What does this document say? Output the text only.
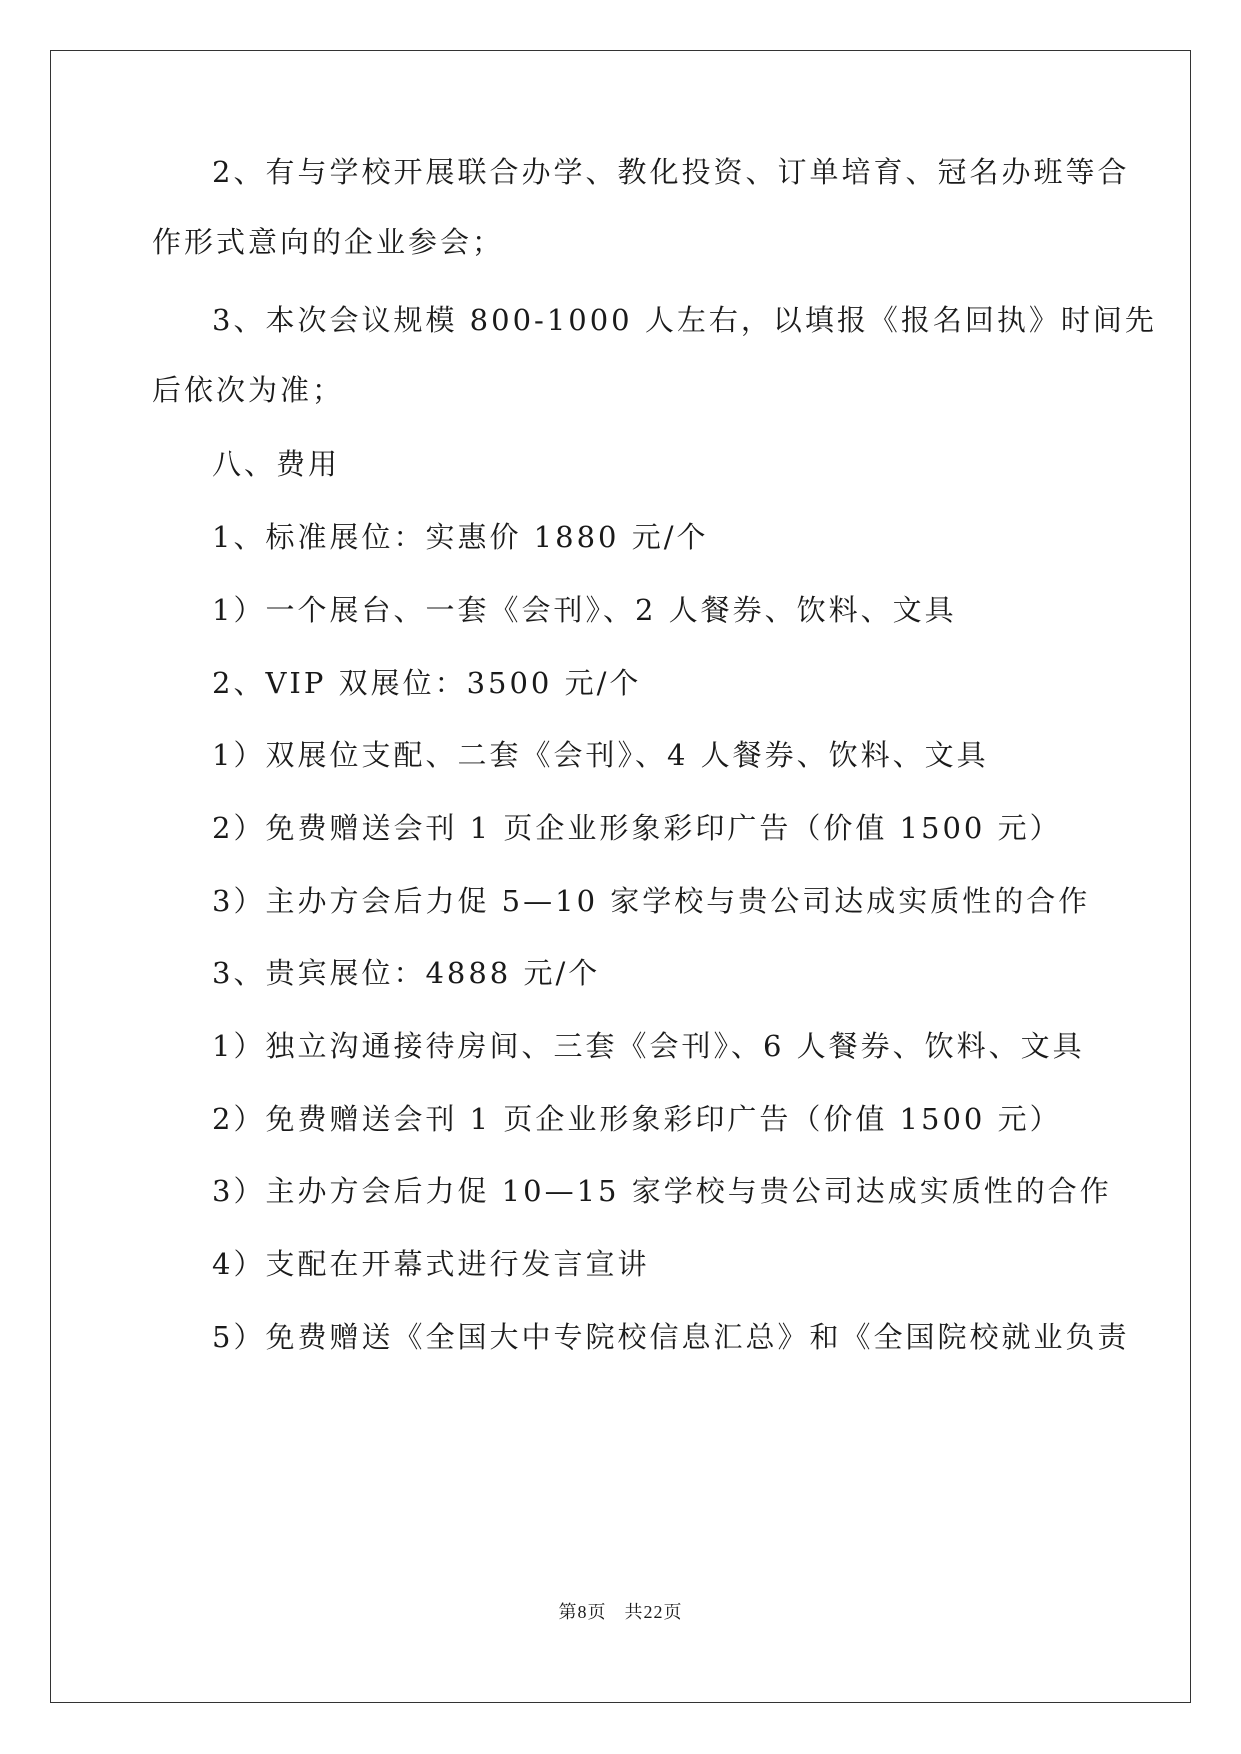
2、有与学校开展联合办学、教化投资、订单培育、冠名办班等合
作形式意向的企业参会；
3、本次会议规模 800-1000 人左右，以填报《报名回执》时间先
后依次为准；
八、费用
1、标准展位：实惠价 1880 元/个
1）一个展台、一套《会刊》、2 人餐券、饮料、文具
2、VIP 双展位：3500 元/个
1）双展位支配、二套《会刊》、4 人餐券、饮料、文具
2）免费赠送会刊 1 页企业形象彩印广告（价值 1500 元）
3）主办方会后力促 5—10 家学校与贵公司达成实质性的合作
3、贵宾展位：4888 元/个
1）独立沟通接待房间、三套《会刊》、6 人餐券、饮料、文具
2）免费赠送会刊 1 页企业形象彩印广告（价值 1500 元）
3）主办方会后力促 10—15 家学校与贵公司达成实质性的合作
4）支配在开幕式进行发言宣讲
5）免费赠送《全国大中专院校信息汇总》和《全国院校就业负责
第8页 共22页
